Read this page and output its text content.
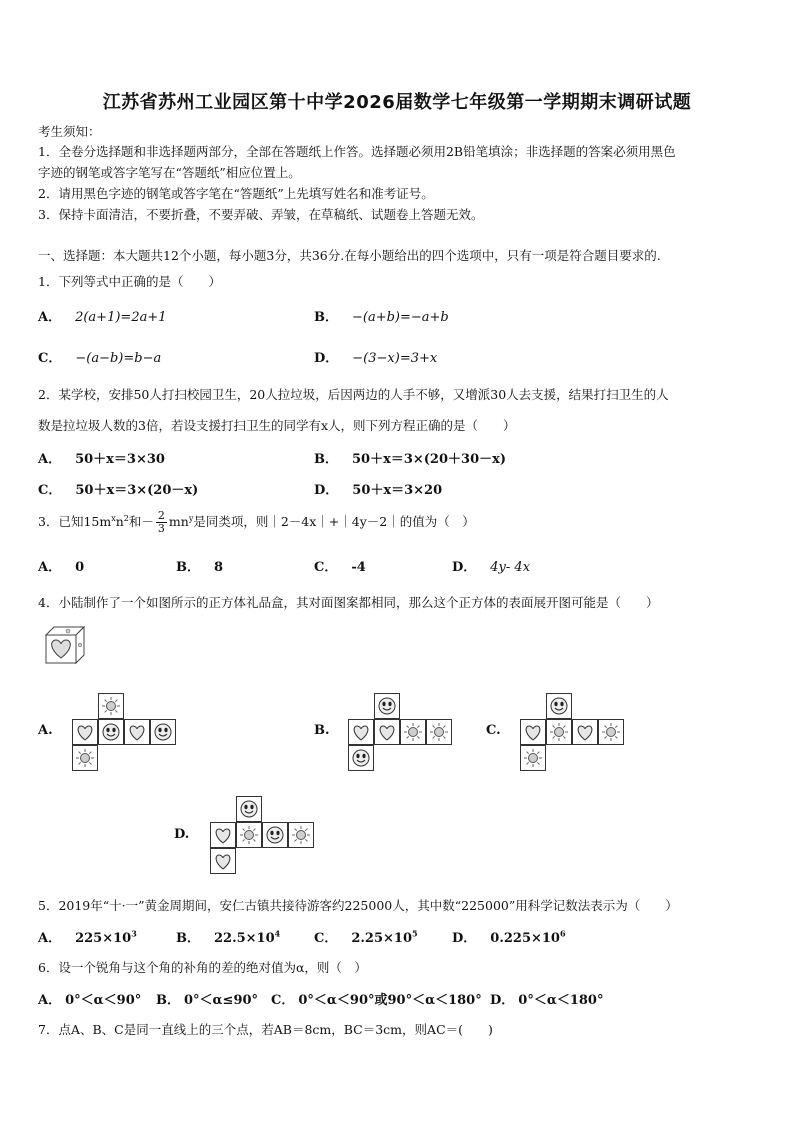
江苏省苏州工业园区第十中学2026届数学七年级第一学期期末调研试题
考生须知：
1．全卷分选择题和非选择题两部分，全部在答题纸上作答。选择题必须用2B铅笔填涂；非选择题的答案必须用黑色
字迹的钢笔或答字笔写在“答题纸”相应位置上。
2．请用黑色字迹的钢笔或答字笔在“答题纸”上先填写姓名和准考证号。
3．保持卡面清洁，不要折叠，不要弄破、弄皱，在草稿纸、试题卷上答题无效。
一、选择题：本大题共12个小题，每小题3分，共36分.在每小题给出的四个选项中，只有一项是符合题目要求的.
1．下列等式中正确的是（　　）
A． 2(a+1)=2a+1	B． −(a+b)=−a+b
C． −(a−b)=b−a	D． −(3−x)=3+x
2．某学校，安排50人打扫校园卫生，20人拉垃圾，后因两边的人手不够，又增派30人去支援，结果打扫卫生的人
数是拉垃圾人数的3倍，若设支援打扫卫生的同学有x人，则下列方程正确的是（　　）
A． 50＋x＝3×30	B． 50＋x＝3×(20＋30－x)
C． 50＋x＝3×(20－x)	D． 50＋x＝3×20
3．已知$15m^xn^2$和－ $\frac{2}{3} mn^y$是同类项，则｜2－4x｜+｜4y－2｜的值为（　）
A． 0	B． 8	C． -4	D． 4y- 4x
4．小陆制作了一个如图所示的正方体礼品盒，其对面图案都相同，那么这个正方体的表面展开图可能是（　　）
A.	B.	C.
D.
5．2019年“十·一”黄金周期间，安仁古镇共接待游客约225000人，其中数“225000”用科学记数法表示为（　　）
A． $225\times 10^3$	B． $22.5\times 10^4$	C． $2.25\times 10^5$	D． $0.225\times 10^6$
6．设一个锐角与这个角的补角的差的绝对值为α，则（　）
A． 0°＜α＜90° B． 0°＜α≤90° C． 0°＜α＜90°或90°＜α＜180° D． 0°＜α＜180°
7．点A、B、C是同一直线上的三个点，若AB＝8cm，BC＝3cm，则AC＝(　　)
